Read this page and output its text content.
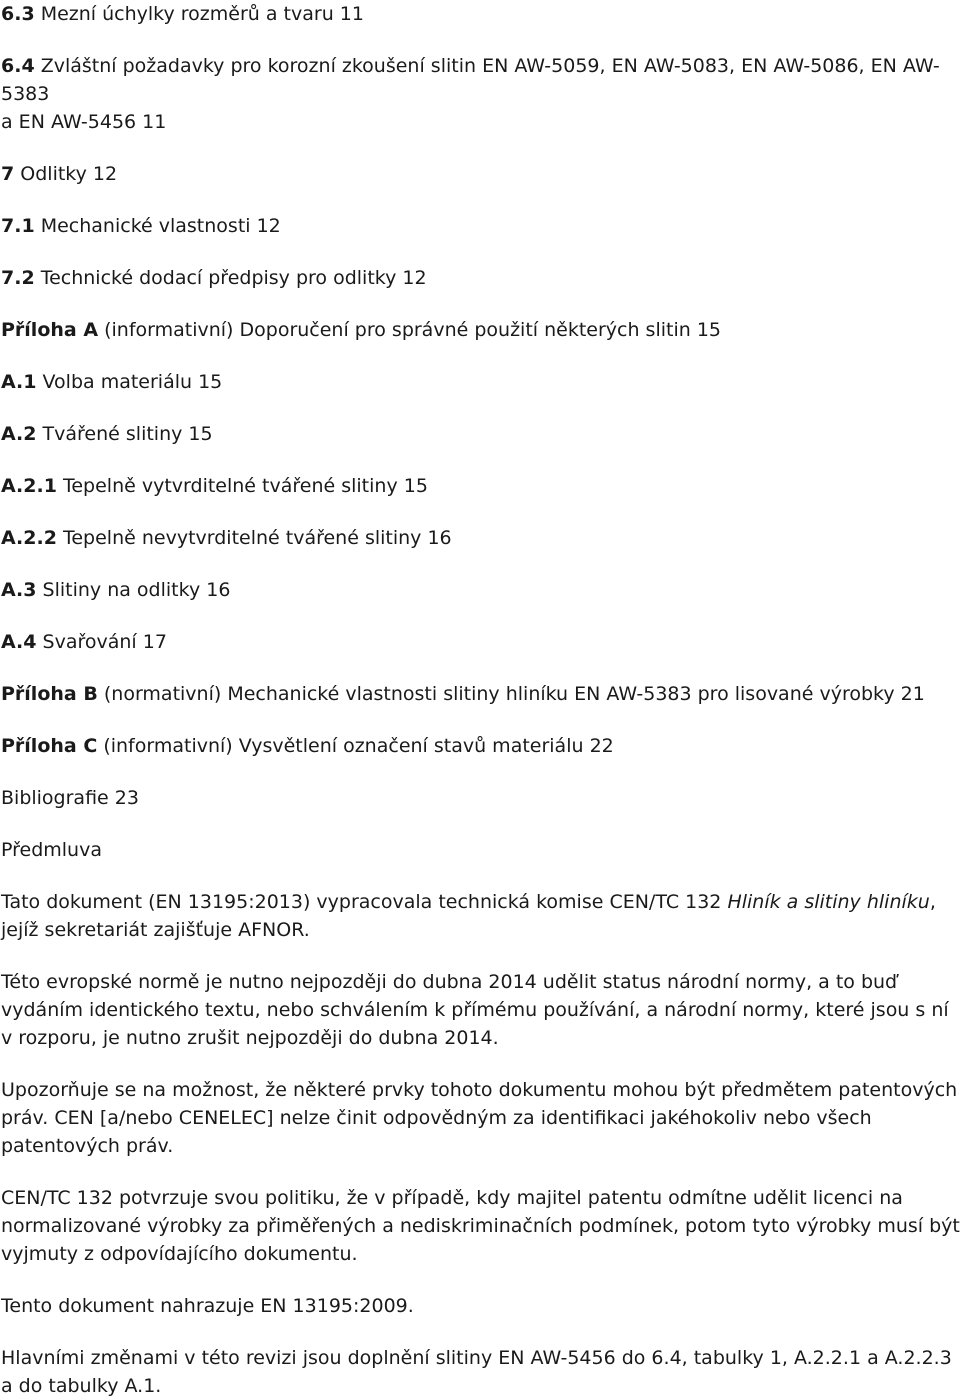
6.3 Mezní úchylky rozměrů a tvaru 11

6.4 Zvláštní požadavky pro korozní zkoušení slitin EN AW-5059, EN AW-5083, EN AW-5086, EN AW-
5383
a EN AW-5456 11

7 Odlitky 12

7.1 Mechanické vlastnosti 12

7.2 Technické dodací předpisy pro odlitky 12

Příloha A (informativní) Doporučení pro správné použití některých slitin 15

A.1 Volba materiálu 15

A.2 Tvářené slitiny 15

A.2.1 Tepelně vytvrditelné tvářené slitiny 15

A.2.2 Tepelně nevytvrditelné tvářené slitiny 16

A.3 Slitiny na odlitky 16

A.4 Svařování 17

Příloha B (normativní) Mechanické vlastnosti slitiny hliníku EN AW-5383 pro lisované výrobky 21

Příloha C (informativní) Vysvětlení označení stavů materiálu 22

Bibliografie 23

Předmluva

Tato dokument (EN 13195:2013) vypracovala technická komise CEN/TC 132 Hliník a slitiny hliníku, jejíž sekretariát zajišťuje AFNOR.

Této evropské normě je nutno nejpozději do dubna 2014 udělit status národní normy, a to buď vydáním identického textu, nebo schválením k přímému používání, a národní normy, které jsou s ní v rozporu, je nutno zrušit nejpozději do dubna 2014.

Upozorňuje se na možnost, že některé prvky tohoto dokumentu mohou být předmětem patentových práv. CEN [a/nebo CENELEC] nelze činit odpovědným za identifikaci jakéhokoliv nebo všech patentových práv.

CEN/TC 132 potvrzuje svou politiku, že v případě, kdy majitel patentu odmítne udělit licenci na normalizované výrobky za přiměřených a nediskriminačních podmínek, potom tyto výrobky musí být vyjmuty z odpovídajícího dokumentu.

Tento dokument nahrazuje EN 13195:2009.

Hlavními změnami v této revizi jsou doplnění slitiny EN AW-5456 do 6.4, tabulky 1, A.2.2.1 a A.2.2.3 a do tabulky A.1.
